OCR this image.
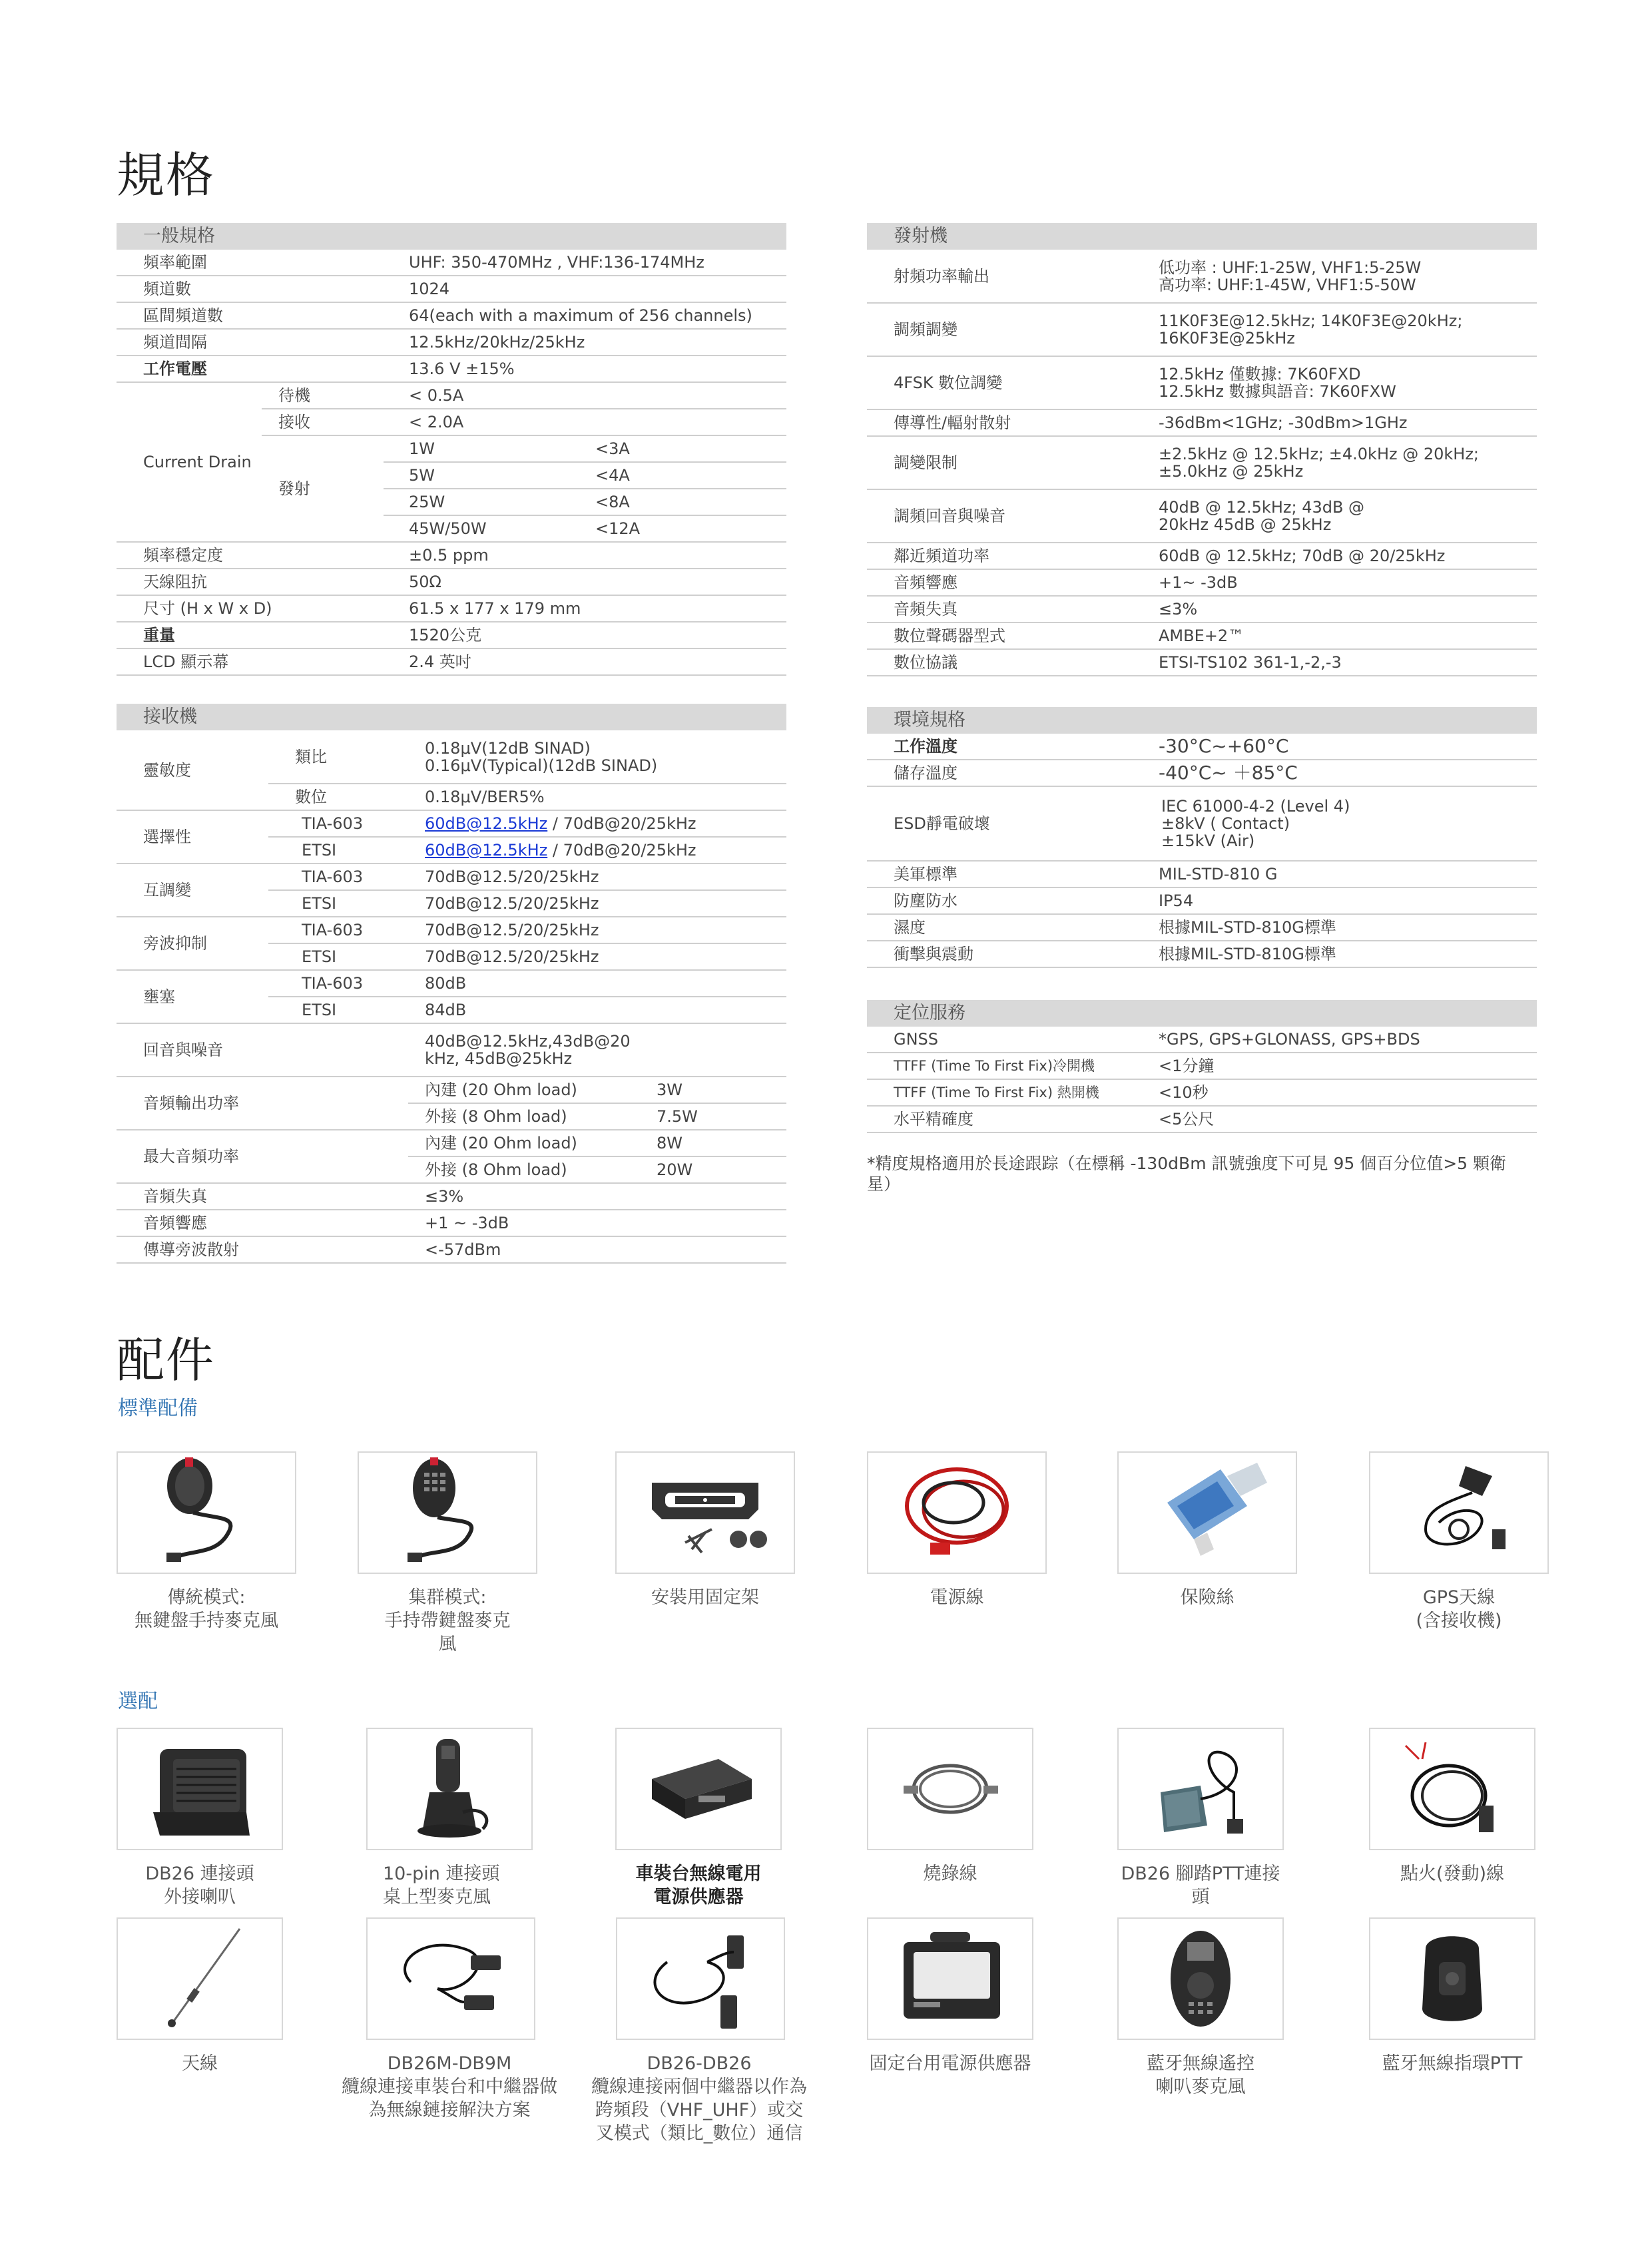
規格
一般規格			
頻率範圍		UHF: 350-470MHz , VHF:136-174MHz	
頻道數		1024	
區間頻道數		64(each with a maximum of 256 channels)	
頻道間隔		12.5kHz/20kHz/25kHz	
工作電壓		13.6 V ±15%	
Current Drain	待機	< 0.5A	
	接收	< 2.0A	
	發射	1W	<3A
		5W	<4A
		25W	<8A
		45W/50W	<12A
頻率穩定度		±0.5 ppm	
天線阻抗		50Ω	
尺寸 (H x W x D)		61.5 x 177 x 179 mm	
重量		1520公克	
LCD 顯示幕		2.4 英吋	
發射機	
射頻功率輸出	低功率 : UHF:1-25W, VHF1:5-25W
高功率: UHF:1-45W, VHF1:5-50W

調頻調變	11K0F3E@12.5kHz; 14K0F3E@20kHz;
16K0F3E@25kHz

4FSK 數位調變	12.5kHz 僅數據: 7K60FXD
12.5kHz 數據與語音: 7K60FXW

傳導性/輻射散射	-36dBm<1GHz; -30dBm>1GHz
調變限制	±2.5kHz @ 12.5kHz; ±4.0kHz @ 20kHz;
±5.0kHz @ 25kHz

調頻回音與噪音	40dB @ 12.5kHz; 43dB @
20kHz 45dB @ 25kHz

鄰近頻道功率	60dB @ 12.5kHz; 70dB @ 20/25kHz
音頻響應	+1~ -3dB
音頻失真	≤3%
數位聲碼器型式	AMBE+2™
數位協議	ETSI-TS102 361-1,-2,-3
接收機			
靈敏度	類比	0.18μV(12dB SINAD)
0.16μV(Typical)(12dB SINAD)	

	數位	0.18μV/BER5%	
選擇性	TIA-603	60dB@12.5kHz / 70dB@20/25kHz	
	ETSI	60dB@12.5kHz / 70dB@20/25kHz	
互調變	TIA-603	70dB@12.5/20/25kHz	
	ETSI	70dB@12.5/20/25kHz	
旁波抑制	TIA-603	70dB@12.5/20/25kHz	
	ETSI	70dB@12.5/20/25kHz	
壅塞	TIA-603	80dB	
	ETSI	84dB	
回音與噪音		40dB@12.5kHz,43dB@20
kHz, 45dB@25kHz	

音頻輸出功率		內建 (20 Ohm load)	3W
		外接 (8 Ohm load)	7.5W
最大音頻功率		內建 (20 Ohm load)	8W
		外接 (8 Ohm load)	20W
音頻失真		≤3%	
音頻響應		+1 ~ -3dB	
傳導旁波散射		<-57dBm	
環境規格	
工作溫度	-30°C~+60°C
儲存溫度	-40°C~ ＋85°C
ESD靜電破壞	IEC 61000-4-2 (Level 4)
±8kV ( Contact)
±15kV (Air)

美軍標準	MIL-STD-810 G
防塵防水	IP54
濕度	根據MIL-STD-810G標準
衝擊與震動	根據MIL-STD-810G標準
定位服務	
GNSS	*GPS, GPS+GLONASS, GPS+BDS
TTFF (Time To First Fix)冷開機	<1分鐘
TTFF (Time To First Fix) 熱開機	<10秒
水平精確度	<5公尺
*精度規格適用於長途跟踪（在標稱 -130dBm 訊號強度下可見 95 個百分位值>5 顆衛星）
配件
標準配備
選配
傳統模式:
無鍵盤手持麥克風
集群模式:
手持帶鍵盤麥克
風
安裝用固定架	電源線	保險絲	GPS天線
(含接收機)
DB26 連接頭
外接喇叭
10-pin 連接頭
桌上型麥克風
車裝台無線電用
電源供應器
燒錄線	DB26 腳踏PTT連接頭
點火(發動)線
天線	DB26M-DB9M
纜線連接車裝台和中繼器做
為無線鏈接解決方案
DB26-DB26
纜線連接兩個中繼器以作為
跨頻段（VHF_UHF）或交
叉模式（類比_數位）通信
固定台用電源供應器	藍牙無線遙控
喇叭麥克風
藍牙無線指環PTT
